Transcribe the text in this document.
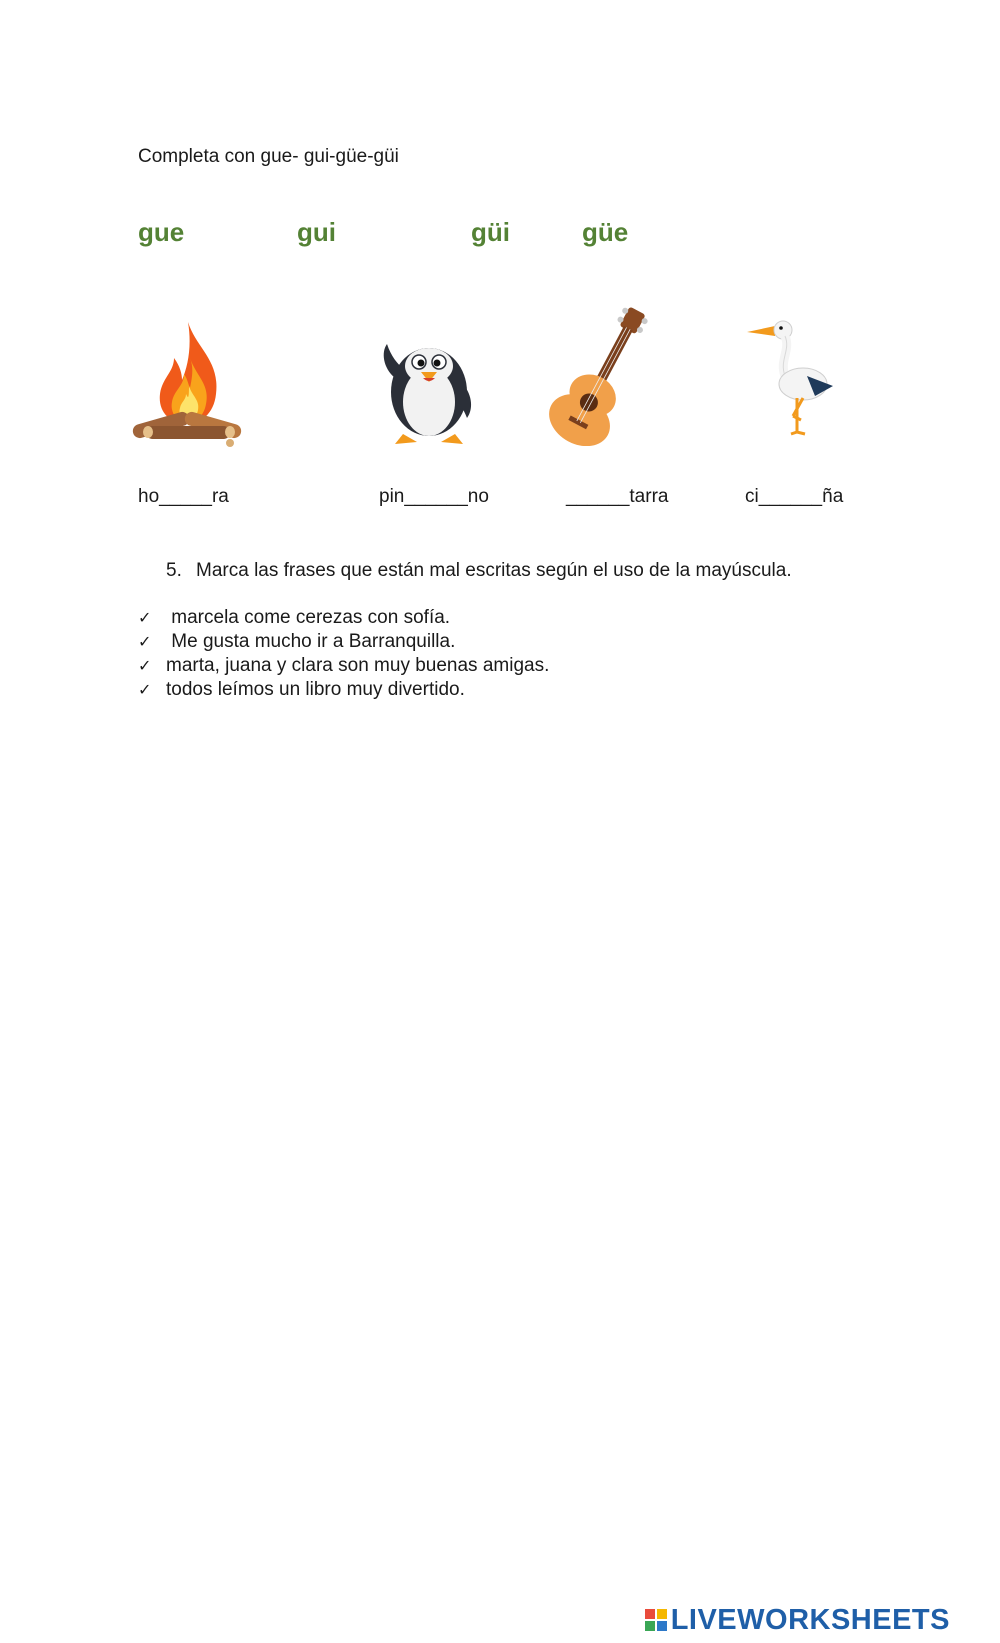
Completa con gue- gui-güe-güi
gue	gui	güi	güe
ho_____ra	pin______no	______tarra	ci______ña
5. Marca las frases que están mal escritas según el uso de la mayúscula.
✓ marcela come cerezas con sofía.
✓ Me gusta mucho ir a Barranquilla.
✓ marta, juana y clara son muy buenas amigas.
✓ todos leímos un libro muy divertido.
LIVEWORKSHEETS
